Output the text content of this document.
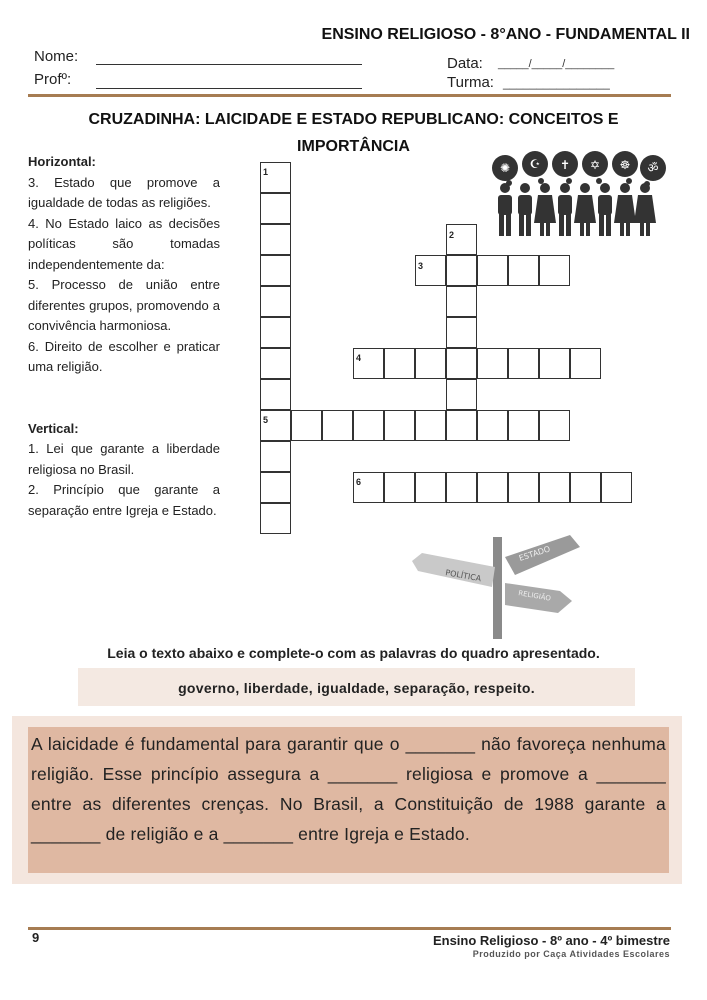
ENSINO RELIGIOSO - 8°ANO - FUNDAMENTAL II
Nome:
Profº:
Data: _____/_____/________
Turma: ________________
CRUZADINHA: LAICIDADE E ESTADO REPUBLICANO: CONCEITOS E
IMPORTÂNCIA

Horizontal:

3. Estado que promove a igualdade de todas as religiões.

4. No Estado laico as decisões políticas são tomadas independentemente da:

5. Processo de união entre diferentes grupos, promovendo a convivência harmoniosa.

6. Direito de escolher e praticar uma religião.

Vertical:

1. Lei que garante a liberdade religiosa no Brasil.

2. Princípio que garante a separação entre Igreja e Estado.

1
2
3
4
5
6
✺ ☪ ✝ ✡ ☸ ॐ
ESTADO
POLÍTICA
RELIGIÃO
Leia o texto abaixo e complete-o com as palavras do quadro apresentado.
governo, liberdade, igualdade, separação, respeito.
A laicidade é fundamental para garantir que o _______ não favoreça nenhuma religião. Esse princípio assegura a _______ religiosa e promove a _______ entre as diferentes crenças. No Brasil, a Constituição de 1988 garante a _______ de religião e a _______ entre Igreja e Estado.
9	Ensino Religioso - 8º ano - 4º bimestre
Produzido por Caça Atividades Escolares
